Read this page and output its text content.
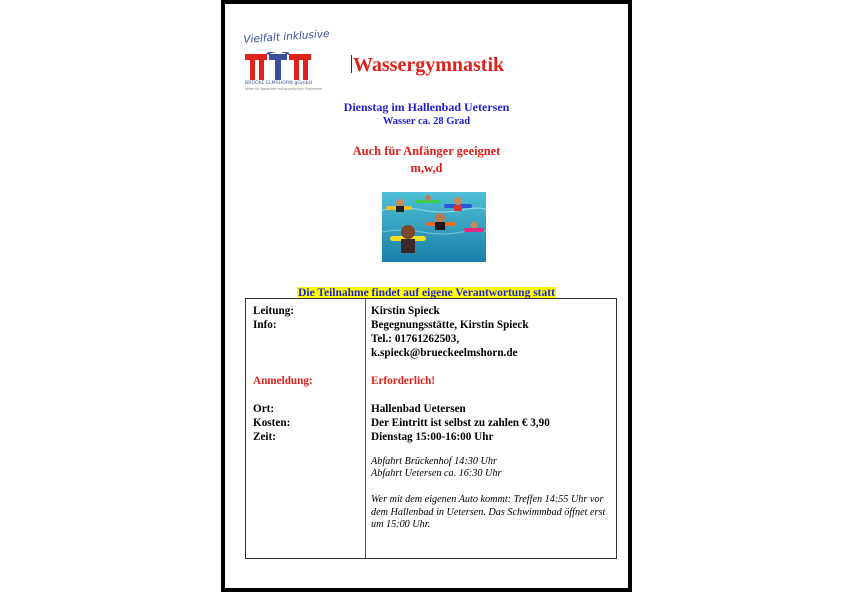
Vielfalt inklusive
BRÜCKE ELMSHORN gGmbH
Hilfen für Menschen mit psychischen Problemen
Wassergymnastik
Dienstag im Hallenbad Uetersen
Wasser ca. 28 Grad
Auch für Anfänger geeignet
m,w,d
Die Teilnahme findet auf eigene Verantwortung statt
Leitung:	Kirstin Spieck
Info:	Begegnungsstätte, Kirstin Spieck
Tel.: 01761262503,
k.spieck@brueckeelmshorn.de
Anmeldung:	Erforderlich!
Ort:	Hallenbad Uetersen
Kosten:	Der Eintritt ist selbst zu zahlen € 3,90
Zeit:	Dienstag 15:00-16:00 Uhr
Abfahrt Brückenhof 14:30 Uhr
Abfahrt Uetersen ca. 16:30 Uhr
Wer mit dem eigenen Auto kommt: Treffen 14:55 Uhr vor dem Hallenbad in Uetersen. Das Schwimmbad öffnet erst um 15:00 Uhr.
